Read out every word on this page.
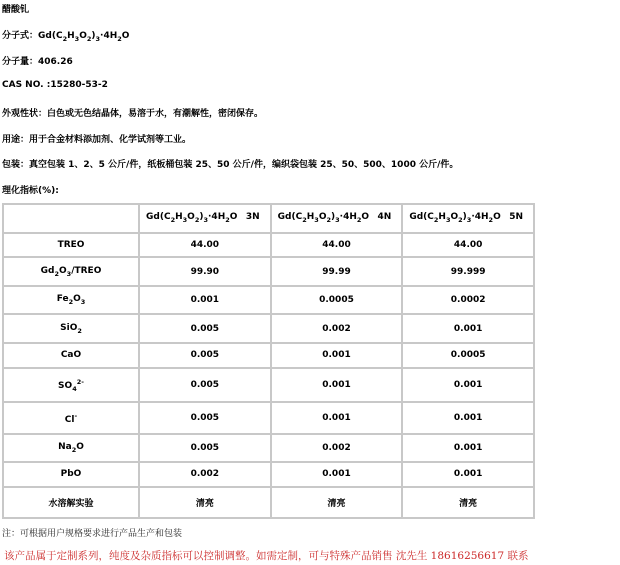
醋酸钆
分子式：$Gd(C_2H_3O_2)_3\cdot 4H_2O$
分子量：406.26
CAS NO. :15280-53-2
外观性状：白色或无色结晶体，易溶于水，有潮解性，密闭保存。
用途：用于合金材料添加剂、化学试剂等工业。
包装：真空包装 1、2、5 公斤/件，纸板桶包装 25、50 公斤/件，编织袋包装 25、50、500、1000 公斤/件。
理化指标(%):
	$Gd(C_2H_3O_2)_3\cdot 4H_2O$ 3N	$Gd(C_2H_3O_2)_3\cdot 4H_2O$ 4N	$Gd(C_2H_3O_2)_3\cdot 4H_2O$ 5N

TREO	44.00	44.00	44.00
$Gd_2O_3$/TREO	99.90	99.99	99.999
$Fe_2O_3$	0.001	0.0005	0.0002
SiO$_2$	0.005	0.002	0.001
CaO	0.005	0.001	0.0005
$SO_4^{2-}$	0.005	0.001	0.001
Cl-	0.005	0.001	0.001
$Na_2O$	0.005	0.002	0.001
PbO	0.002	0.001	0.001
水溶解实验	清亮	清亮	清亮
注：可根据用户规格要求进行产品生产和包装
该产品属于定制系列，纯度及杂质指标可以控制调整。如需定制，可与特殊产品销售 沈先生 18616256617 联系
